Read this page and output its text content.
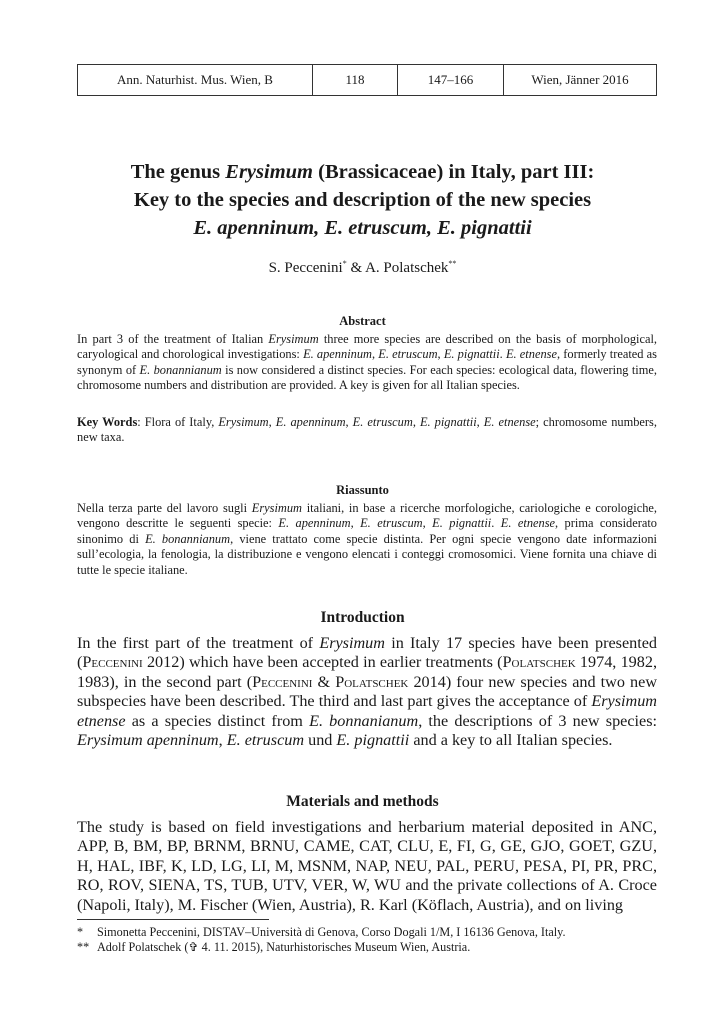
Ann. Naturhist. Mus. Wien, B	118	147–166	Wien, Jänner 2016
The genus Erysimum (Brassicaceae) in Italy, part III:
Key to the species and description of the new species
E. apenninum, E. etruscum, E. pignattii
S. Peccenini* & A. Polatschek**
Abstract
In part 3 of the treatment of Italian Erysimum three more species are described on the basis of morphological, caryological and chorological investigations: E. apenninum, E. etruscum, E. pignattii. E. etnense, formerly treated as synonym of E. bonannianum is now considered a distinct species. For each species: ecological data, flowering time, chromosome numbers and distribution are provided. A key is given for all Italian species.
Key Words: Flora of Italy, Erysimum, E. apenninum, E. etruscum, E. pignattii, E. etnense; chromosome numbers, new taxa.
Riassunto
Nella terza parte del lavoro sugli Erysimum italiani, in base a ricerche morfologiche, cariologiche e corologiche, vengono descritte le seguenti specie: E. apenninum, E. etruscum, E. pignattii. E. etnense, prima considerato sinonimo di E. bonannianum, viene trattato come specie distinta. Per ogni specie vengono date informazioni sull’ecologia, la fenologia, la distribuzione e vengono elencati i conteggi cromosomici. Viene fornita una chiave di tutte le specie italiane.
Introduction
In the first part of the treatment of Erysimum in Italy 17 species have been presented (Peccenini 2012) which have been accepted in earlier treatments (Polatschek 1974, 1982, 1983), in the second part (Peccenini & Polatschek 2014) four new species and two new subspecies have been described. The third and last part gives the acceptance of Erysimum etnense as a species distinct from E. bonnanianum, the descriptions of 3 new species: Erysimum apenninum, E. etruscum und E. pignattii and a key to all Italian species.
Materials and methods
The study is based on field investigations and herbarium material deposited in ANC, APP, B, BM, BP, BRNM, BRNU, CAME, CAT, CLU, E, FI, G, GE, GJO, GOET, GZU, H, HAL, IBF, K, LD, LG, LI, M, MSNM, NAP, NEU, PAL, PERU, PESA, PI, PR, PRC, RO, ROV, SIENA, TS, TUB, UTV, VER, W, WU and the private collections of A. Croce (Napoli, Italy), M. Fischer (Wien, Austria), R. Karl (Köflach, Austria), and on living
* Simonetta Peccenini, DISTAV–Università di Genova, Corso Dogali 1/M, I 16136 Genova, Italy.
** Adolf Polatschek (✞ 4. 11. 2015), Naturhistorisches Museum Wien, Austria.
